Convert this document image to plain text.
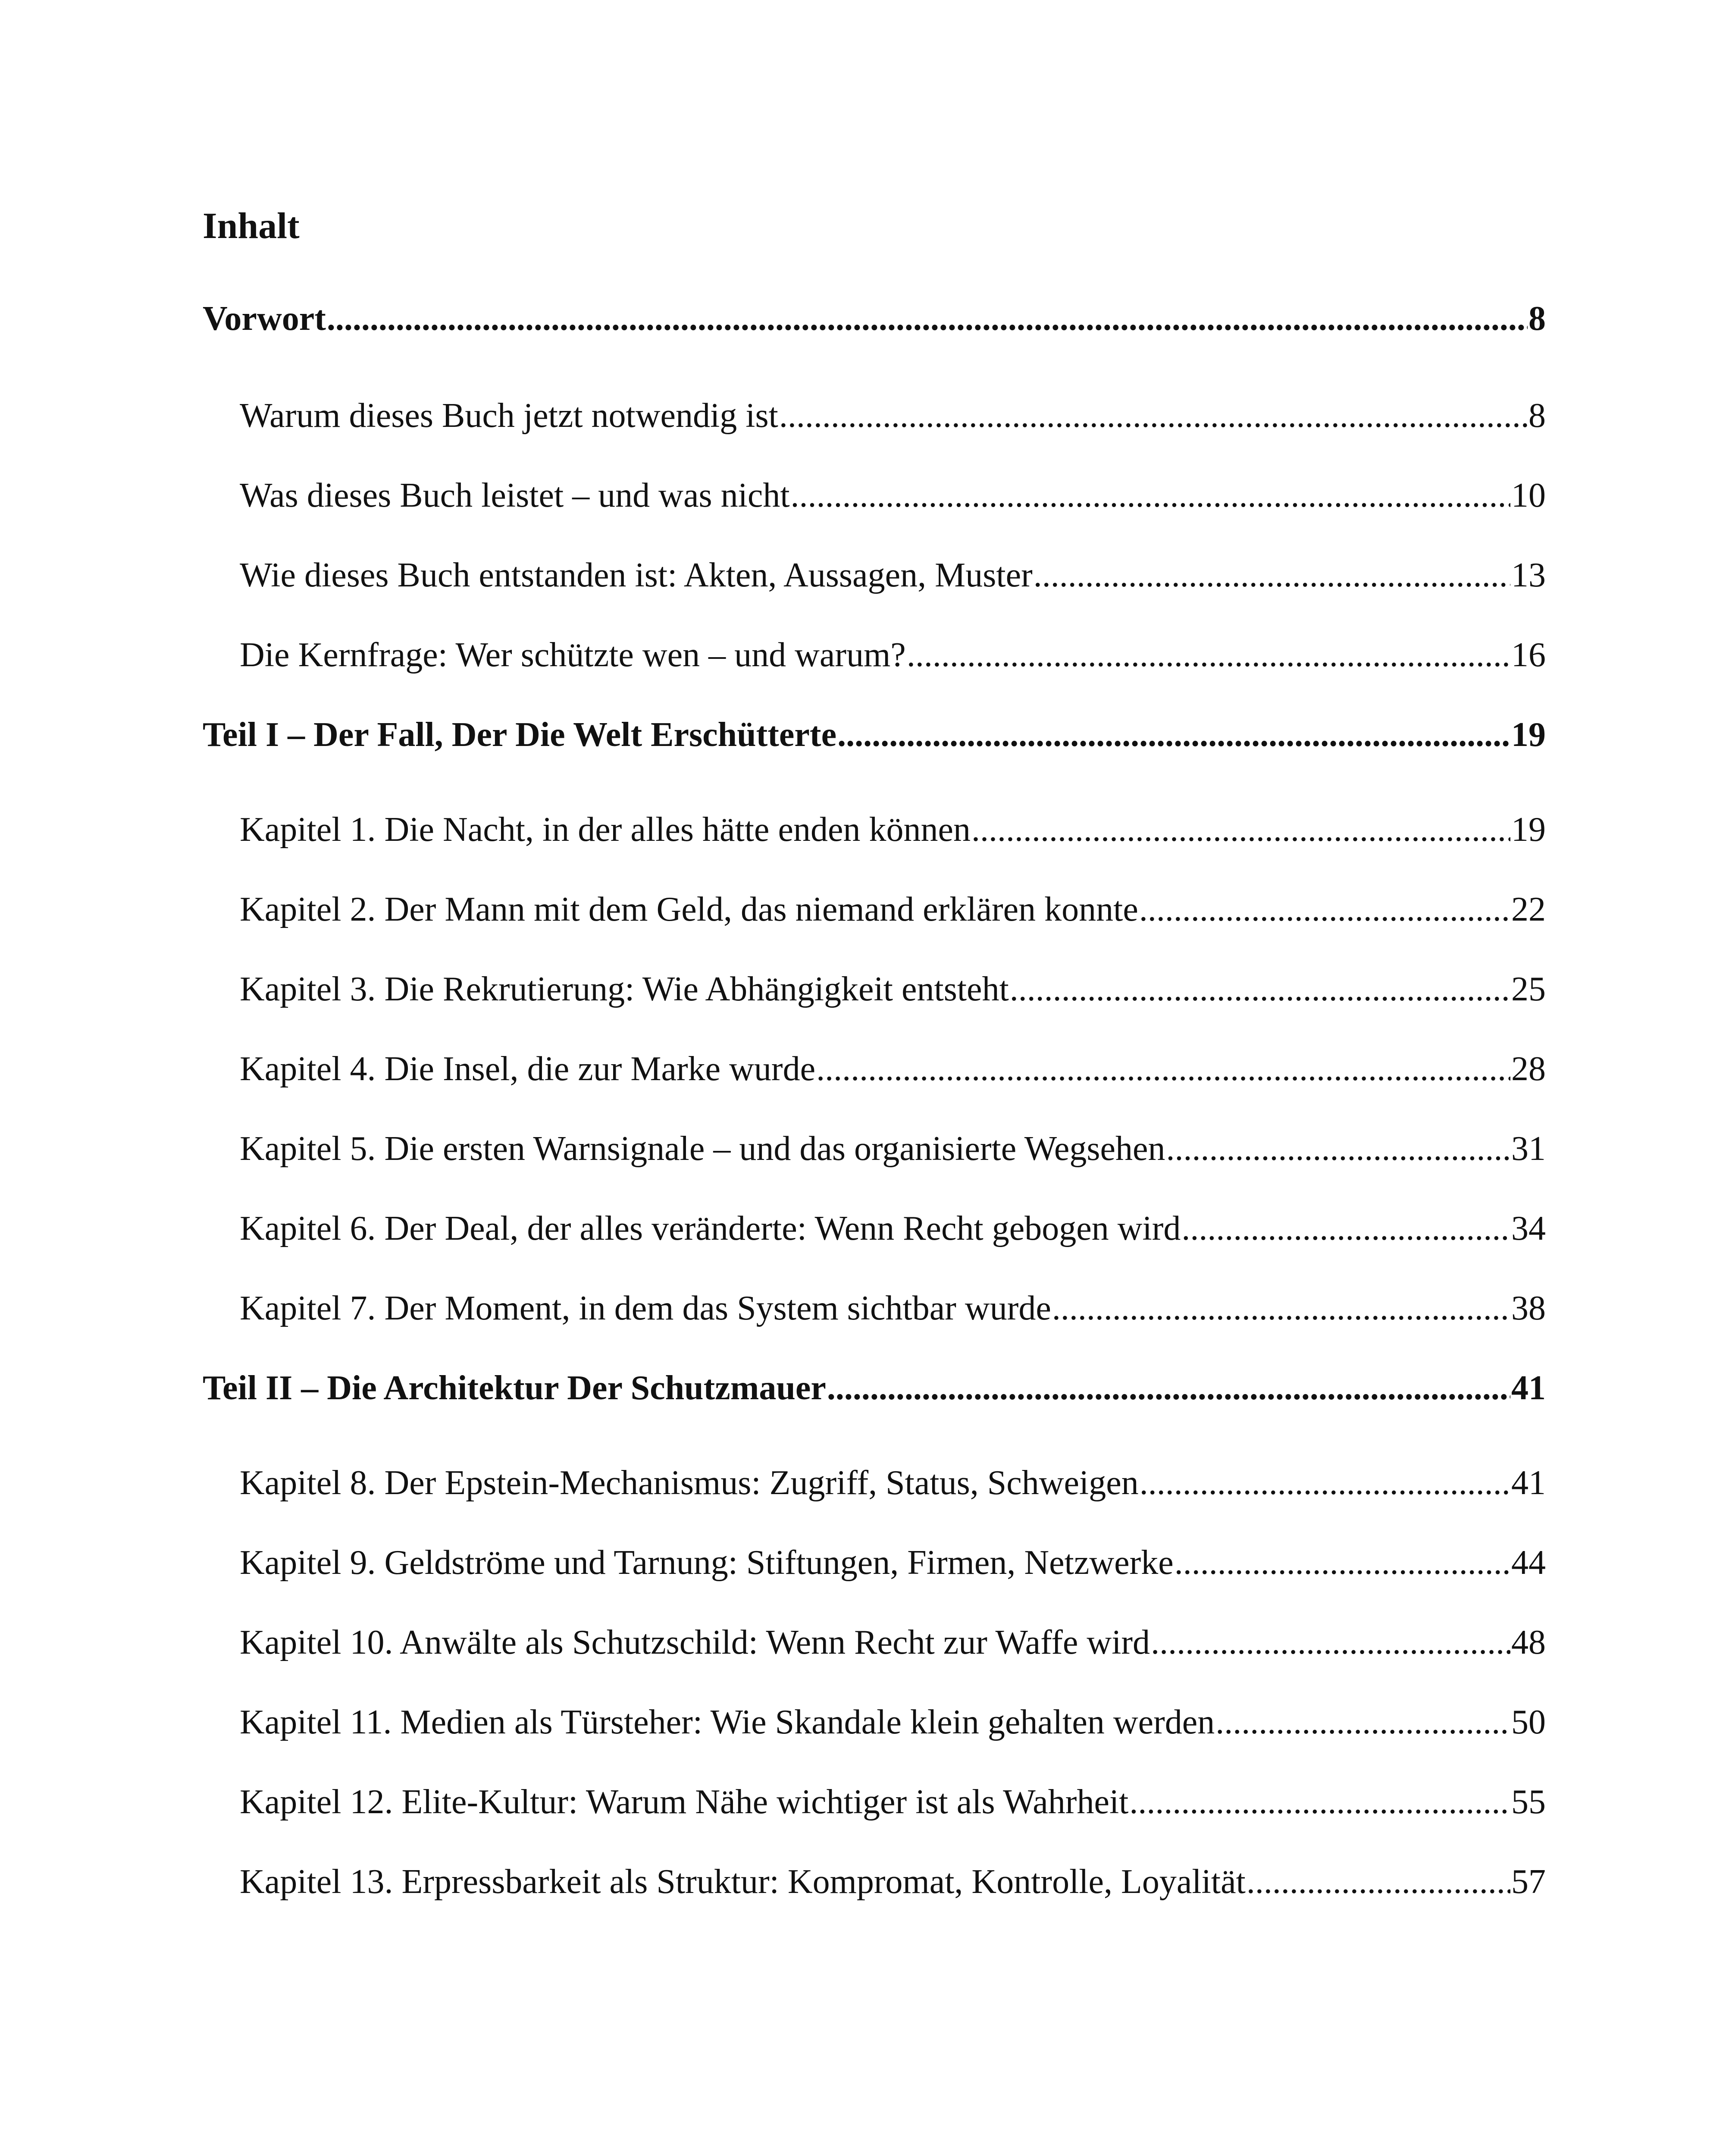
Inhalt
Vorwort .....	8
Warum dieses Buch jetzt notwendig ist .....	8
Was dieses Buch leistet – und was nicht .....	10
Wie dieses Buch entstanden ist: Akten, Aussagen, Muster .....	13
Die Kernfrage: Wer schützte wen – und warum? .....	16
Teil I – Der Fall, Der Die Welt Erschütterte .....	19
Kapitel 1. Die Nacht, in der alles hätte enden können .....	19
Kapitel 2. Der Mann mit dem Geld, das niemand erklären konnte .....	22
Kapitel 3. Die Rekrutierung: Wie Abhängigkeit entsteht .....	25
Kapitel 4. Die Insel, die zur Marke wurde .....	28
Kapitel 5. Die ersten Warnsignale – und das organisierte Wegsehen .....	31
Kapitel 6. Der Deal, der alles veränderte: Wenn Recht gebogen wird .....	34
Kapitel 7. Der Moment, in dem das System sichtbar wurde .....	38
Teil II – Die Architektur Der Schutzmauer .....	41
Kapitel 8. Der Epstein-Mechanismus: Zugriff, Status, Schweigen .....	41
Kapitel 9. Geldströme und Tarnung: Stiftungen, Firmen, Netzwerke .....	44
Kapitel 10. Anwälte als Schutzschild: Wenn Recht zur Waffe wird .....	48
Kapitel 11. Medien als Türsteher: Wie Skandale klein gehalten werden .....	50
Kapitel 12. Elite-Kultur: Warum Nähe wichtiger ist als Wahrheit .....	55
Kapitel 13. Erpressbarkeit als Struktur: Kompromat, Kontrolle, Loyalität .....	57
